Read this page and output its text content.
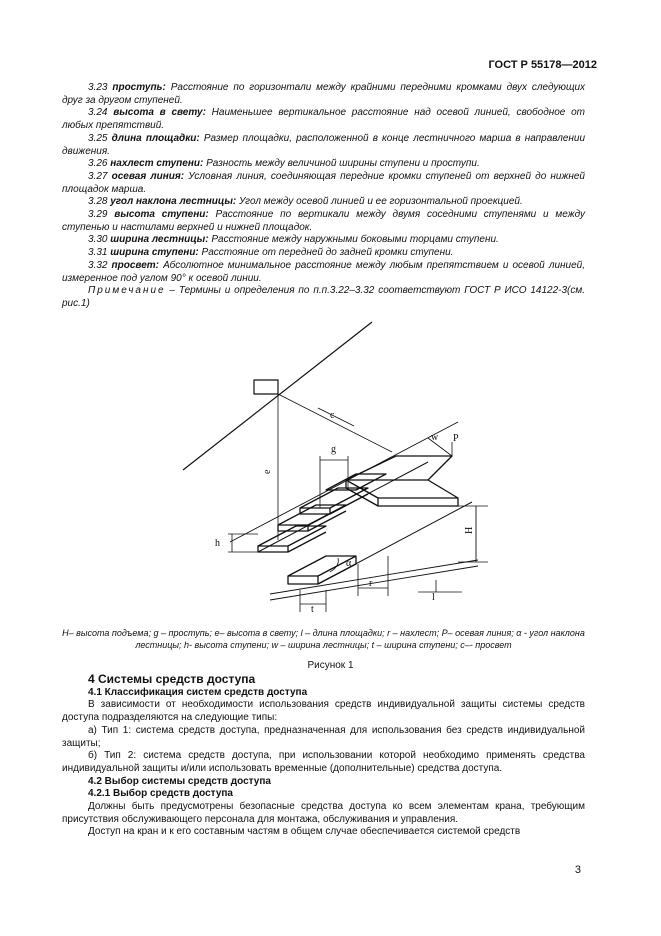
ГОСТ Р 55178—2012

3.23 проступь: Расстояние по горизонтали между крайними передними кромками двух следующих друг за другом ступеней.

3.24 высота в свету: Наименьшее вертикальное расстояние над осевой линией, свободное от любых препятствий.

3.25 длина площадки: Размер площадки, расположенной в конце лестничного марша в направлении движения.

3.26 нахлест ступени: Разность между величиной ширины ступени и проступи.

3.27 осевая линия: Условная линия, соединяющая передние кромки ступеней от верхней до нижней площадок марша.

3.28 угол наклона лестницы: Угол между осевой линией и ее горизонтальной проекцией.

3.29 высота ступени: Расстояние по вертикали между двумя соседними ступенями и между ступенью и настилами верхней и нижней площадок.

3.30 ширина лестницы: Расстояние между наружными боковыми торцами ступени.

3.31 ширина ступени: Расстояние от передней до задней кромки ступени.

3.32 просвет: Абсолютное минимальное расстояние между любым препятствием и осевой линией, измеренное под углом 90° к осевой линии.

Примечание – Термины и определения по п.п.3.22–3.32 соответствуют ГОСТ Р ИСО 14122-3(см. рис.1)

c
g
w P
e
H
h
α
r
l
t
H– высота подъема; g – проступь; e– высота в свету; l – длина площадки; r – нахлест; P– осевая линия; α - угол наклона лестницы; h- высота ступени; w – ширина лестницы; t – ширина ступени; c–- просвет
Рисунок 1

4 Системы средств доступа

4.1 Классификация систем средств доступа

В зависимости от необходимости использования средств индивидуальной защиты системы средств доступа подразделяются на следующие типы:

а) Тип 1: система средств доступа, предназначенная для использования без средств индивидуальной защиты;

б) Тип 2: система средств доступа, при использовании которой необходимо применять средства индивидуальной защиты и/или использовать временные (дополнительные) средства доступа.

4.2 Выбор системы средств доступа

4.2.1 Выбор средств доступа

Должны быть предусмотрены безопасные средства доступа ко всем элементам крана, требующим присутствия обслуживающего персонала для монтажа, обслуживания и управления.

Доступ на кран и к его составным частям в общем случае обеспечивается системой средств

3
